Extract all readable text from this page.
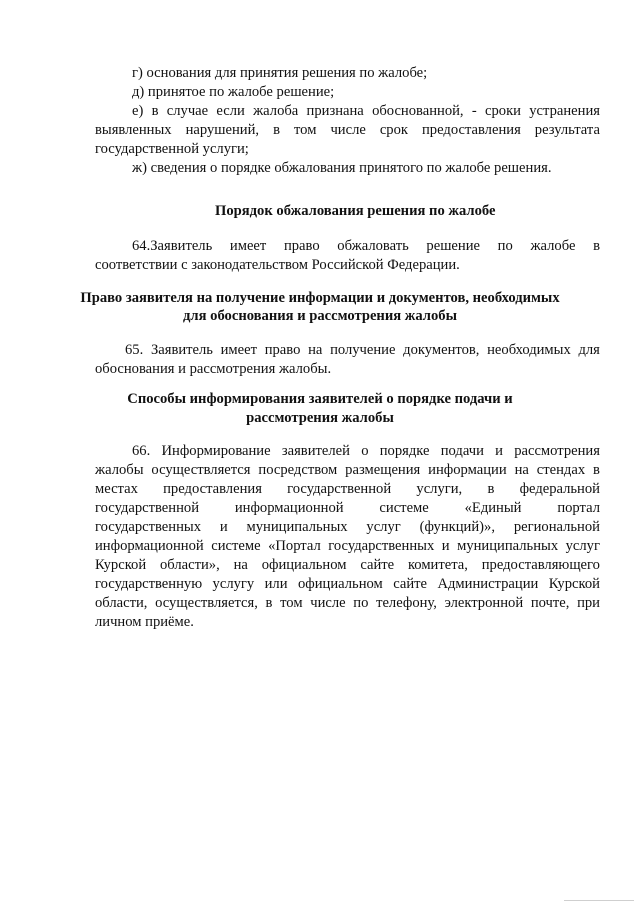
г) основания для принятия решения по жалобе;
д) принятое по жалобе решение;
е) в случае если жалоба признана обоснованной, - сроки устранения
выявленных нарушений, в том числе срок предоставления результата
государственной услуги;
ж) сведения о порядке обжалования принятого по жалобе решения.
Порядок обжалования решения по жалобе
64.Заявитель имеет право обжаловать решение по жалобе в
соответствии с законодательством Российской Федерации.
Право заявителя на получение информации и документов, необходимых
для обоснования и рассмотрения жалобы
65. Заявитель имеет право на получение документов, необходимых для
обоснования и рассмотрения жалобы.
Способы информирования заявителей о порядке подачи и
рассмотрения жалобы
66. Информирование заявителей о порядке подачи и рассмотрения
жалобы осуществляется посредством размещения информации на стендах в
местах предоставления государственной услуги, в федеральной
государственной информационной системе «Единый портал
государственных и муниципальных услуг (функций)», региональной
информационной системе «Портал государственных и муниципальных услуг
Курской области», на официальном сайте комитета, предоставляющего
государственную услугу или официальном сайте Администрации Курской
области, осуществляется, в том числе по телефону, электронной почте, при
личном приёме.
